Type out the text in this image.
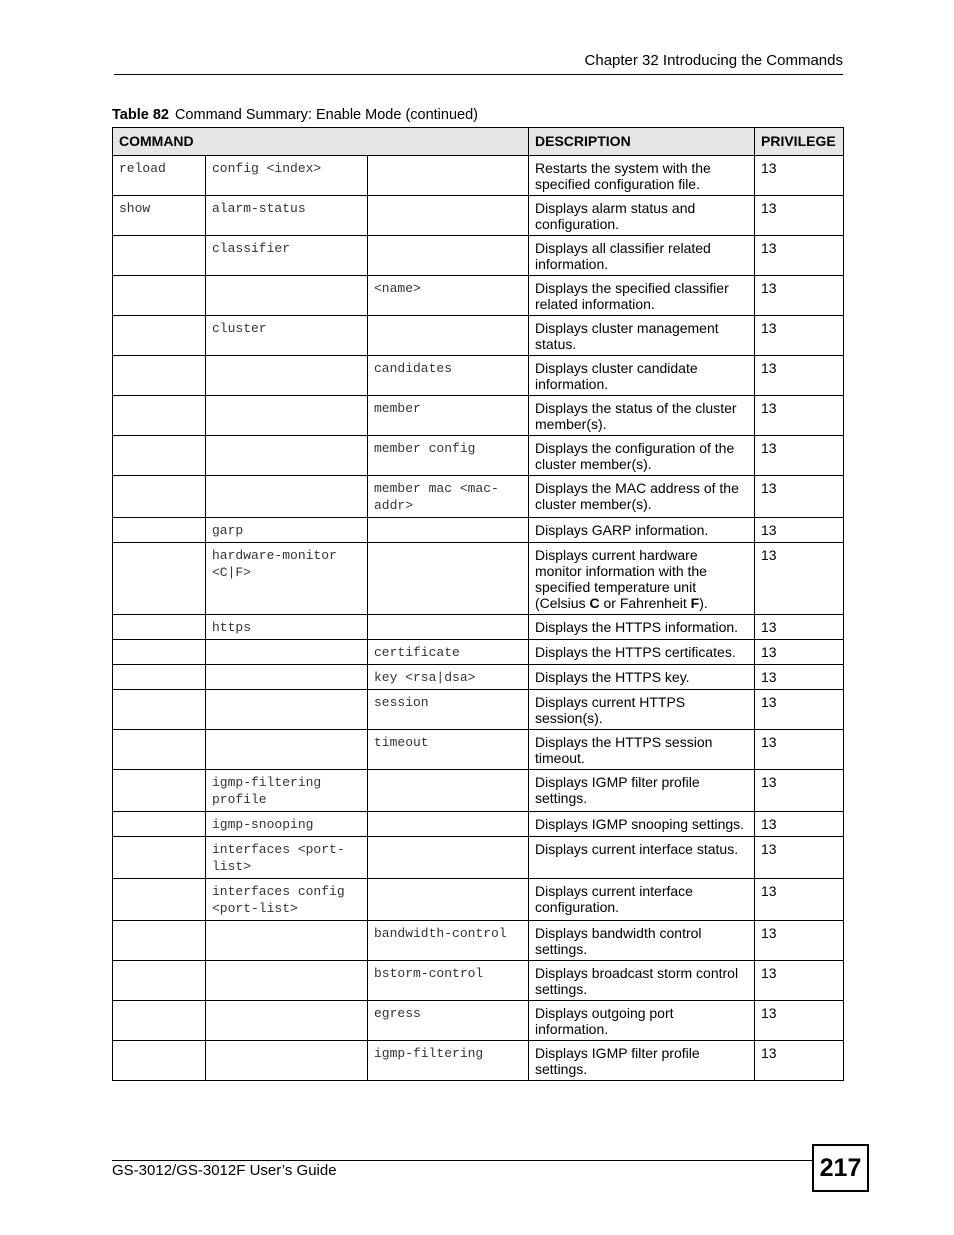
Chapter 32 Introducing the Commands
Table 82 Command Summary: Enable Mode (continued)
COMMAND			DESCRIPTION	PRIVILEGE
reload	config <index>		Restarts the system with the specified configuration file.	13
show	alarm-status		Displays alarm status and configuration.	13
	classifier		Displays all classifier related information.	13
		<name>	Displays the specified classifier related information.	13
	cluster		Displays cluster management status.	13
		candidates	Displays cluster candidate information.	13
		member	Displays the status of the cluster member(s).	13
		member config	Displays the configuration of the cluster member(s).	13
		member mac <mac-addr>	Displays the MAC address of the cluster member(s).	13
	garp		Displays GARP information.	13
	hardware-monitor <C|F>		Displays current hardware monitor information with the specified temperature unit (Celsius C or Fahrenheit F).	13
	https		Displays the HTTPS information.	13
		certificate	Displays the HTTPS certificates.	13
		key <rsa|dsa>	Displays the HTTPS key.	13
		session	Displays current HTTPS session(s).	13
		timeout	Displays the HTTPS session timeout.	13
	igmp-filtering profile		Displays IGMP filter profile settings.	13
	igmp-snooping		Displays IGMP snooping settings.	13
	interfaces <port-list>		Displays current interface status.	13
	interfaces config <port-list>		Displays current interface configuration.	13
		bandwidth-control	Displays bandwidth control settings.	13
		bstorm-control	Displays broadcast storm control settings.	13
		egress	Displays outgoing port information.	13
		igmp-filtering	Displays IGMP filter profile settings.	13
GS-3012/GS-3012F User’s Guide	217
